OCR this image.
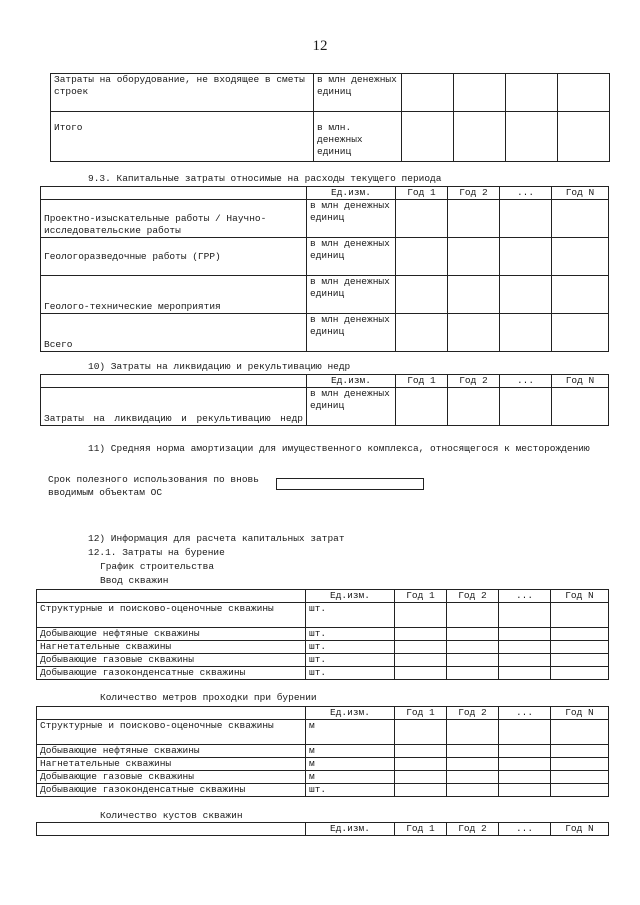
12
Затраты на оборудование, не входящее в сметы строек	в млн денежных единиц				
Итого	в млн. денежных единиц				
9.3. Капитальные затраты относимые на расходы текущего периода
	Ед.изм.	Год 1	Год 2	...	Год N
Проектно-изыскательные работы / Научно-исследовательские работы	в млн денежных единиц				
Геологоразведочные работы (ГРР)	в млн денежных единиц				
Геолого-технические мероприятия	в млн денежных единиц				
Всего	в млн денежных единиц				
10) Затраты на ликвидацию и рекультивацию недр
	Ед.изм.	Год 1	Год 2	...	Год N

Затраты на ликвидацию и рекультивацию недр	в млн денежных единиц				
11) Средняя норма амортизации для имущественного комплекса, относящегося к месторождению
Срок полезного использования по вновь вводимым объектам ОС
12) Информация для расчета капитальных затрат
12.1. Затраты на бурение
График строительства
Ввод скважин
	Ед.изм.	Год 1	Год 2	...	Год N
Структурные и поисково-оценочные скважины	шт.				
Добывающие нефтяные скважины	шт.				
Нагнетательные скважины	шт.				
Добывающие газовые скважины	шт.				
Добывающие газоконденсатные скважины	шт.				
Количество метров проходки при бурении
	Ед.изм.	Год 1	Год 2	...	Год N
Структурные и поисково-оценочные скважины	м				
Добывающие нефтяные скважины	м				
Нагнетательные скважины	м				
Добывающие газовые скважины	м				
Добывающие газоконденсатные скважины	шт.				
Количество кустов скважин
	Ед.изм.	Год 1	Год 2	...	Год N
